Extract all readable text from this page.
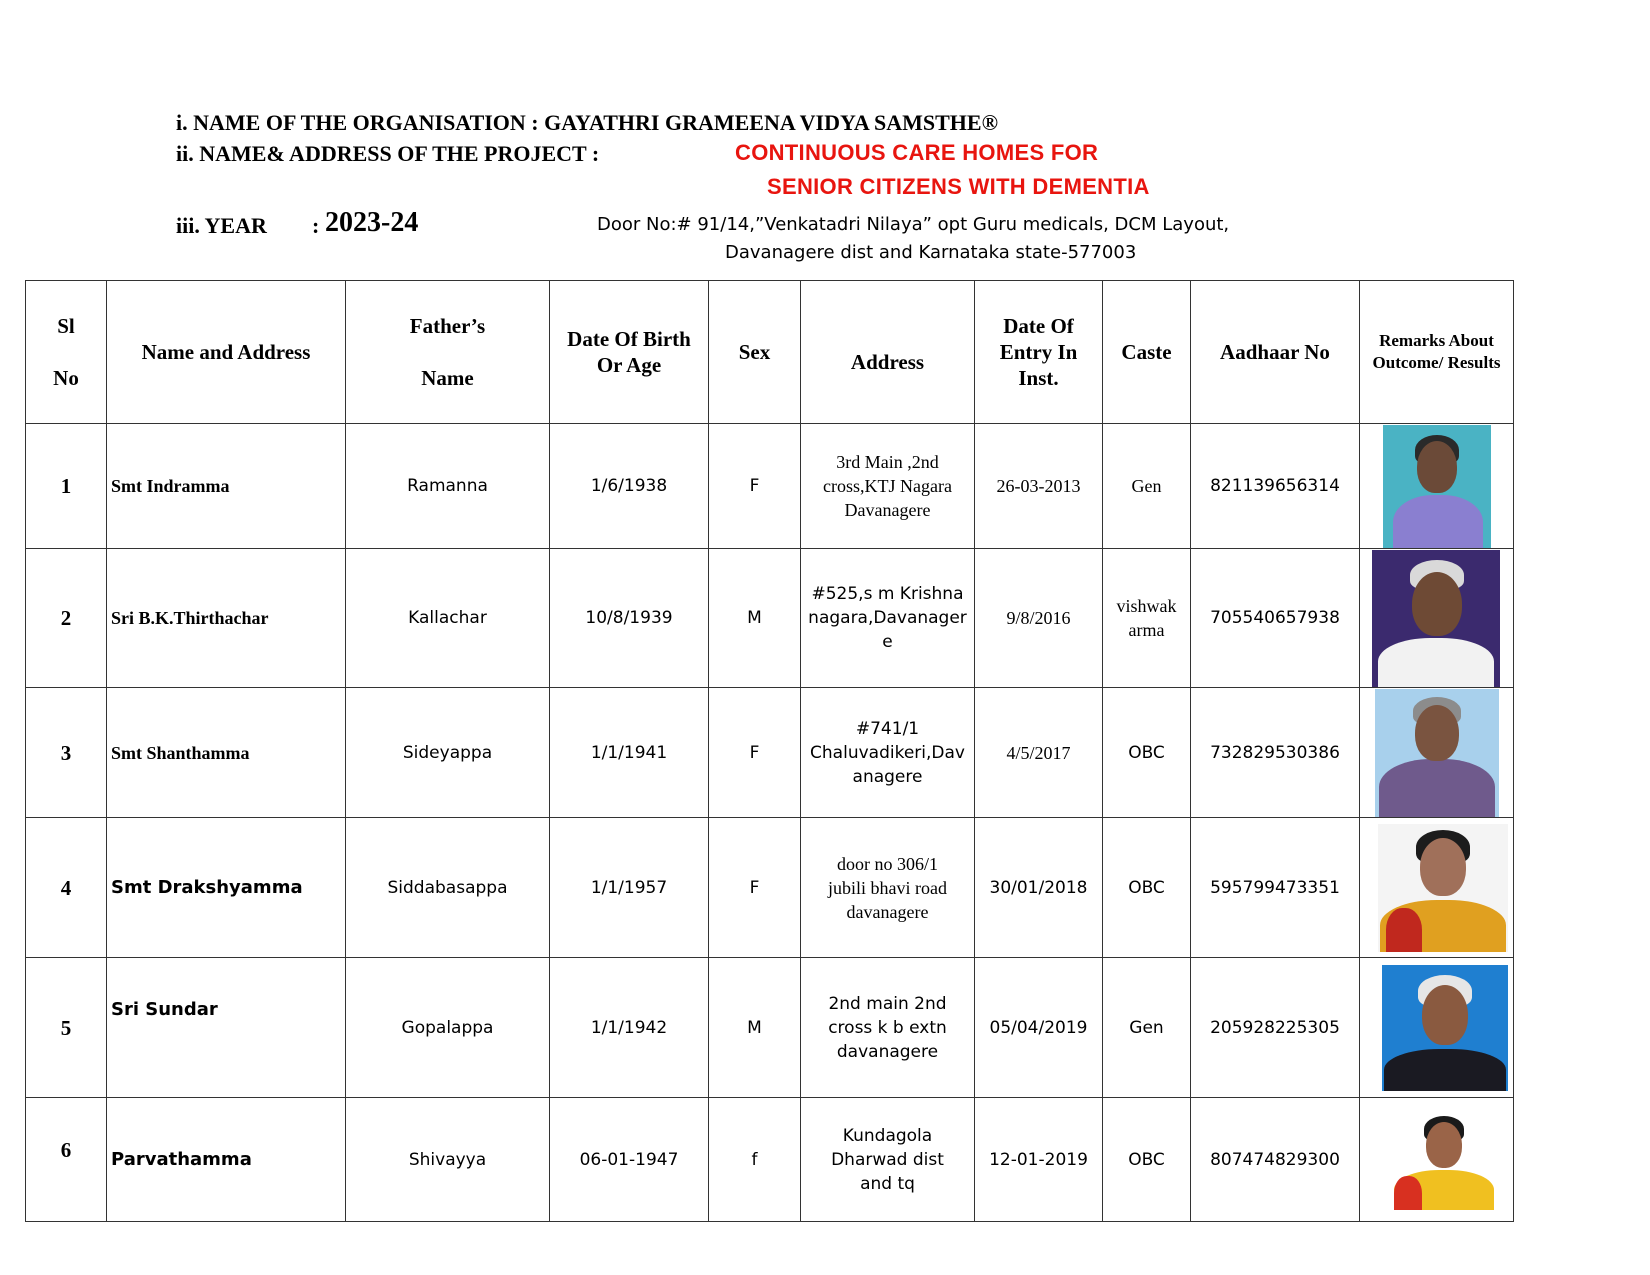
i. NAME OF THE ORGANISATION : GAYATHRI GRAMEENA VIDYA SAMSTHE®
ii. NAME& ADDRESS OF THE PROJECT :	CONTINUOUS CARE HOMES FOR
SENIOR CITIZENS WITH DEMENTIA
iii. YEAR : 2023-24	Door No:# 91/14,”Venkatadri Nilaya” opt Guru medicals, DCM Layout,
Davanagere dist and Karnataka state-577003
Sl

No	Name and Address	Father’s

Name	Date Of Birth
Or Age	Sex	Address	Date Of
Entry In
Inst.	Caste	Aadhaar No	Remarks About
Outcome/ Results
1	Smt Indramma	Ramanna	1/6/1938	F	3rd Main ,2nd
cross,KTJ Nagara
Davanagere	26-03-2013	Gen	821139656314	

2	Sri B.K.Thirthachar	Kallachar	10/8/1939	M	#525,s m Krishna
nagara,Davanager
e	9/8/2016	vishwak
arma	705540657938	

3	Smt Shanthamma	Sideyappa	1/1/1941	F	#741/1
Chaluvadikeri,Dav
anagere	4/5/2017	OBC	732829530386	

4	Smt Drakshyamma	Siddabasappa	1/1/1957	F	door no 306/1
jubili bhavi road
davanagere	30/01/2018	OBC	595799473351	

5	Sri Sundar	Gopalappa	1/1/1942	M	2nd main 2nd
cross k b extn
davanagere	05/04/2019	Gen	205928225305	

6	Parvathamma	Shivayya	06-01-1947	f	Kundagola
Dharwad dist
and tq	12-01-2019	OBC	807474829300	
